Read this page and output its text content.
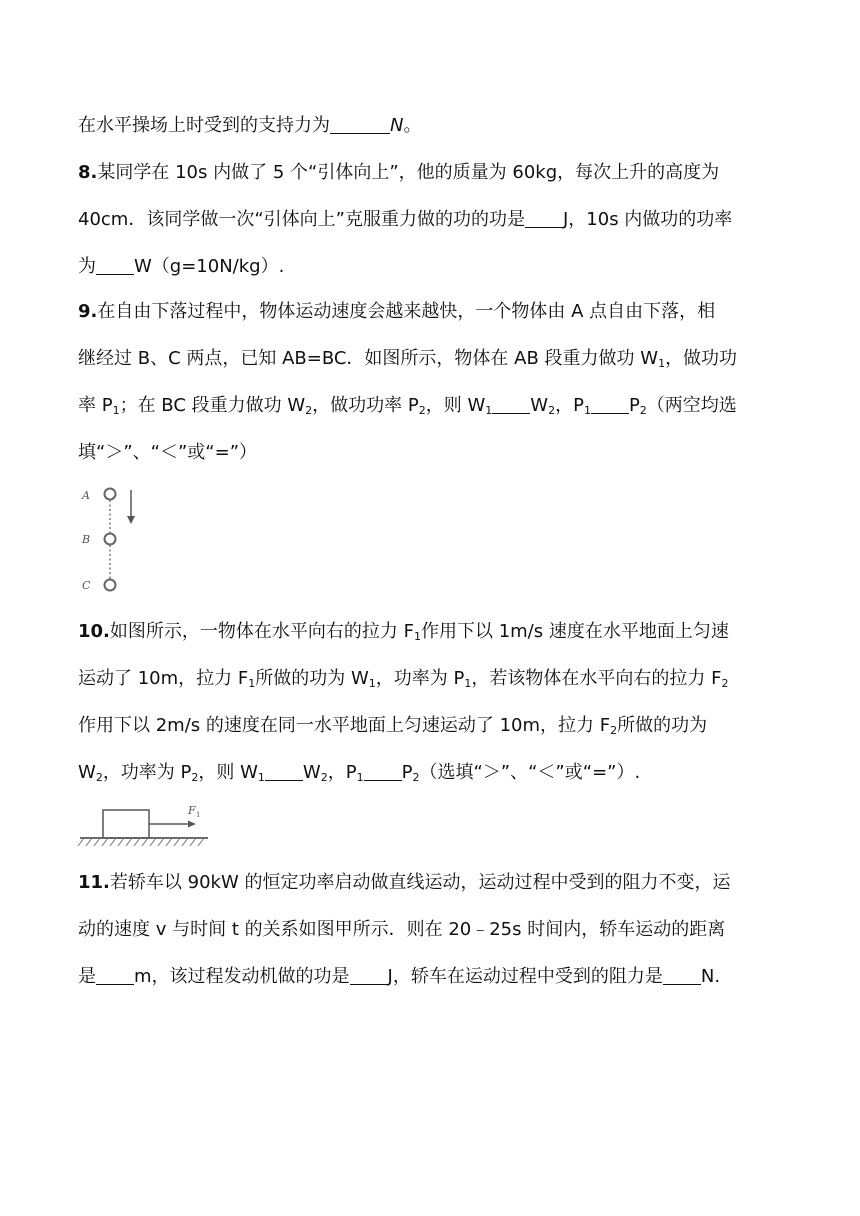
在水平操场上时受到的支持力为	N。
8.某同学在 10s 内做了 5 个“引体向上”，他的质量为 60kg，每次上升的高度为
40cm．该同学做一次“引体向上”克服重力做的功的功是 J，10s 内做功的功率
为 W（g=10N/kg）.
9.在自由下落过程中，物体运动速度会越来越快，一个物体由 A 点自由下落，相
继经过 B、C 两点，已知 AB=BC．如图所示，物体在 AB 段重力做功 $W_1$，做功功
率 $P_1$；在 BC 段重力做功 $W_2$，做功功率 $P_2$，则 $W_1$ $W_2$，$P_1$ $P_2$（两空均选
填“＞”、“＜”或“=”）
A
B
C
10.如图所示，一物体在水平向右的拉力 $F_1$作用下以 1m/s 速度在水平地面上匀速
运动了 10m，拉力 $F_1$所做的功为 $W_1$，功率为 $P_1$，若该物体在水平向右的拉力 $F_2$
作用下以 2m/s 的速度在同一水平地面上匀速运动了 10m，拉力 $F_2$所做的功为
$W_2$，功率为 $P_2$，则 $W_1$ $W_2$，$P_1$ $P_2$（选填“＞”、“＜”或“=”）.
F 1
11.若轿车以 90kW 的恒定功率启动做直线运动，运动过程中受到的阻力不变，运
动的速度 v 与时间 t 的关系如图甲所示．则在 20﹣25s 时间内，轿车运动的距离
是 m，该过程发动机做的功是 J，轿车在运动过程中受到的阻力是 N.
